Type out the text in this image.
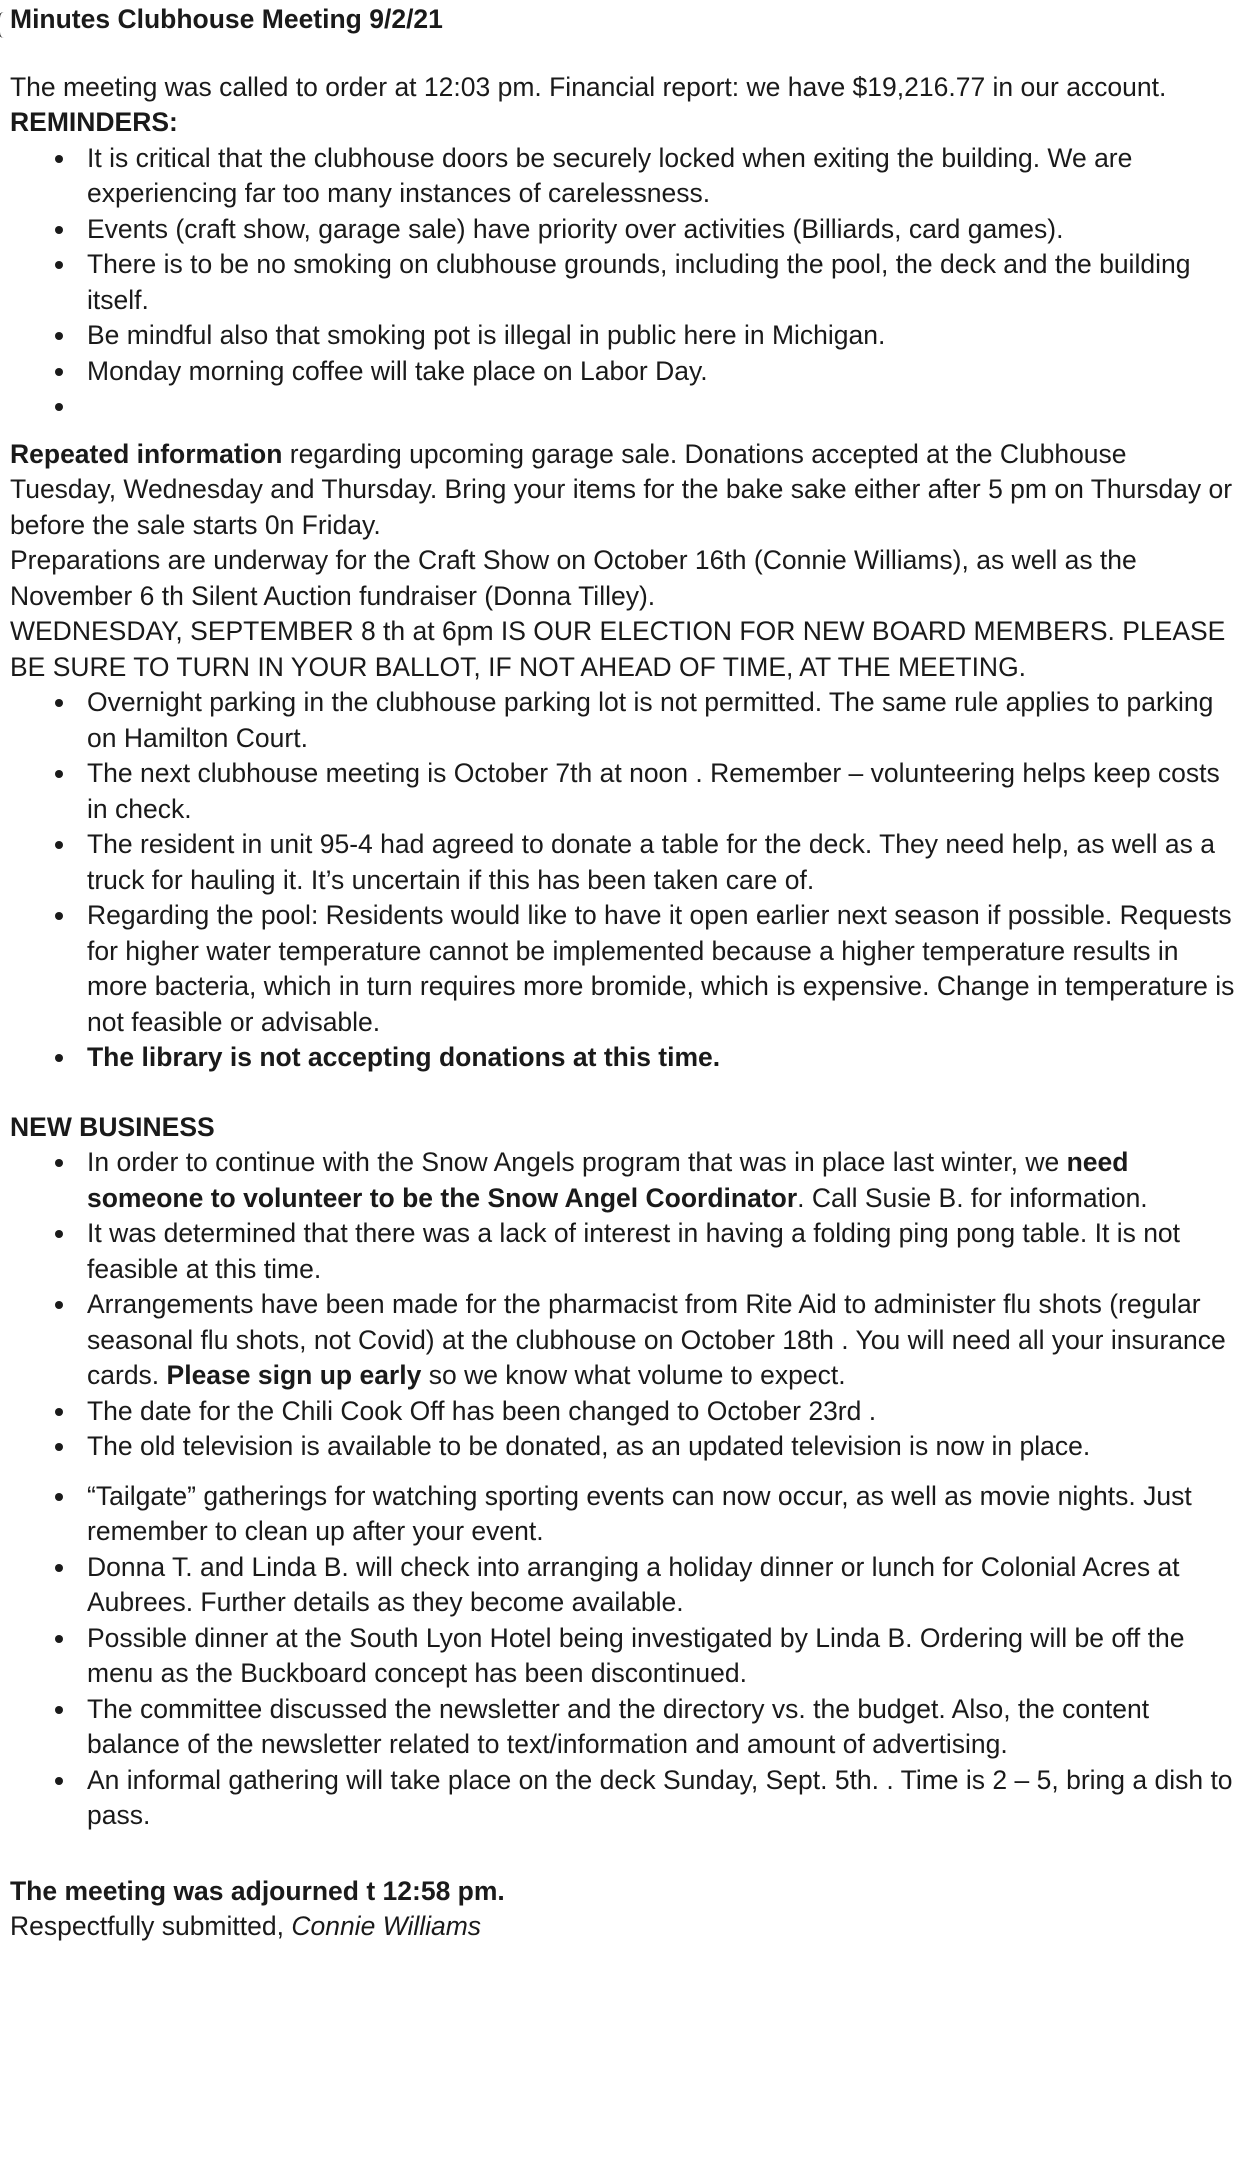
Minutes Clubhouse Meeting 9/2/21

The meeting was called to order at 12:03 pm. Financial report: we have $19,216.77 in our account.

REMINDERS:

It is critical that the clubhouse doors be securely locked when exiting the building. We are experiencing far too many instances of carelessness.
Events (craft show, garage sale) have priority over activities (Billiards, card games).
There is to be no smoking on clubhouse grounds, including the pool, the deck and the building itself.
Be mindful also that smoking pot is illegal in public here in Michigan.
Monday morning coffee will take place on Labor Day.

Repeated information regarding upcoming garage sale. Donations accepted at the Clubhouse Tuesday, Wednesday and Thursday. Bring your items for the bake sake either after 5 pm on Thursday or before the sale starts 0n Friday.

Preparations are underway for the Craft Show on October 16th (Connie Williams), as well as the November 6 th Silent Auction fundraiser (Donna Tilley).

WEDNESDAY, SEPTEMBER 8 th at 6pm IS OUR ELECTION FOR NEW BOARD MEMBERS. PLEASE BE SURE TO TURN IN YOUR BALLOT, IF NOT AHEAD OF TIME, AT THE MEETING.

Overnight parking in the clubhouse parking lot is not permitted. The same rule applies to parking on Hamilton Court.
The next clubhouse meeting is October 7th at noon . Remember – volunteering helps keep costs in check.
The resident in unit 95-4 had agreed to donate a table for the deck. They need help, as well as a truck for hauling it. It’s uncertain if this has been taken care of.
Regarding the pool: Residents would like to have it open earlier next season if possible. Requests for higher water temperature cannot be implemented because a higher temperature results in more bacteria, which in turn requires more bromide, which is expensive. Change in temperature is not feasible or advisable.
The library is not accepting donations at this time.

NEW BUSINESS

In order to continue with the Snow Angels program that was in place last winter, we need someone to volunteer to be the Snow Angel Coordinator. Call Susie B. for information.
It was determined that there was a lack of interest in having a folding ping pong table. It is not feasible at this time.
Arrangements have been made for the pharmacist from Rite Aid to administer flu shots (regular seasonal flu shots, not Covid) at the clubhouse on October 18th . You will need all your insurance cards. Please sign up early so we know what volume to expect.
The date for the Chili Cook Off has been changed to October 23rd .
The old television is available to be donated, as an updated television is now in place.
“Tailgate” gatherings for watching sporting events can now occur, as well as movie nights. Just remember to clean up after your event.
Donna T. and Linda B. will check into arranging a holiday dinner or lunch for Colonial Acres at Aubrees. Further details as they become available.
Possible dinner at the South Lyon Hotel being investigated by Linda B. Ordering will be off the menu as the Buckboard concept has been discontinued.
The committee discussed the newsletter and the directory vs. the budget. Also, the content balance of the newsletter related to text/information and amount of advertising.
An informal gathering will take place on the deck Sunday, Sept. 5th. . Time is 2 – 5, bring a dish to pass.

The meeting was adjourned t 12:58 pm.

Respectfully submitted, Connie Williams
